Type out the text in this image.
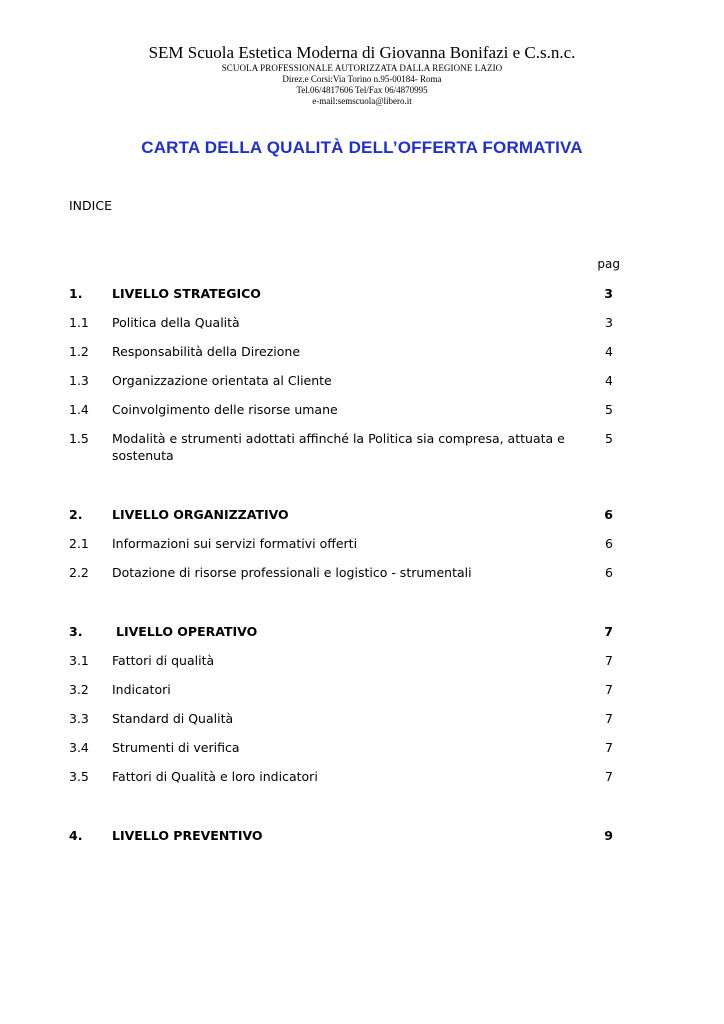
SEM Scuola Estetica Moderna di Giovanna Bonifazi e C.s.n.c.
SCUOLA PROFESSIONALE AUTORIZZATA DALLA REGIONE LAZIO
Direz.e Corsi:Via Torino n.95-00184- Roma
Tel.06/4817606 Tel/Fax 06/4870995
e-mail:semscuola@libero.it
CARTA DELLA QUALITÀ DELL’OFFERTA FORMATIVA
INDICE
pag
1. LIVELLO STRATEGICO	3
1.1 Politica della Qualità	3
1.2 Responsabilità della Direzione	4
1.3 Organizzazione orientata al Cliente	4
1.4 Coinvolgimento delle risorse umane	5
1.5 Modalità e strumenti adottati affinché la Politica sia compresa, attuata e sostenuta
5
2. LIVELLO ORGANIZZATIVO	6
2.1 Informazioni sui servizi formativi offerti	6
2.2 Dotazione di risorse professionali e logistico - strumentali	6
3.	LIVELLO OPERATIVO	7
3.1 Fattori di qualità	7
3.2 Indicatori	7
3.3 Standard di Qualità	7
3.4 Strumenti di verifica	7
3.5 Fattori di Qualità e loro indicatori	7
4. LIVELLO PREVENTIVO	9
